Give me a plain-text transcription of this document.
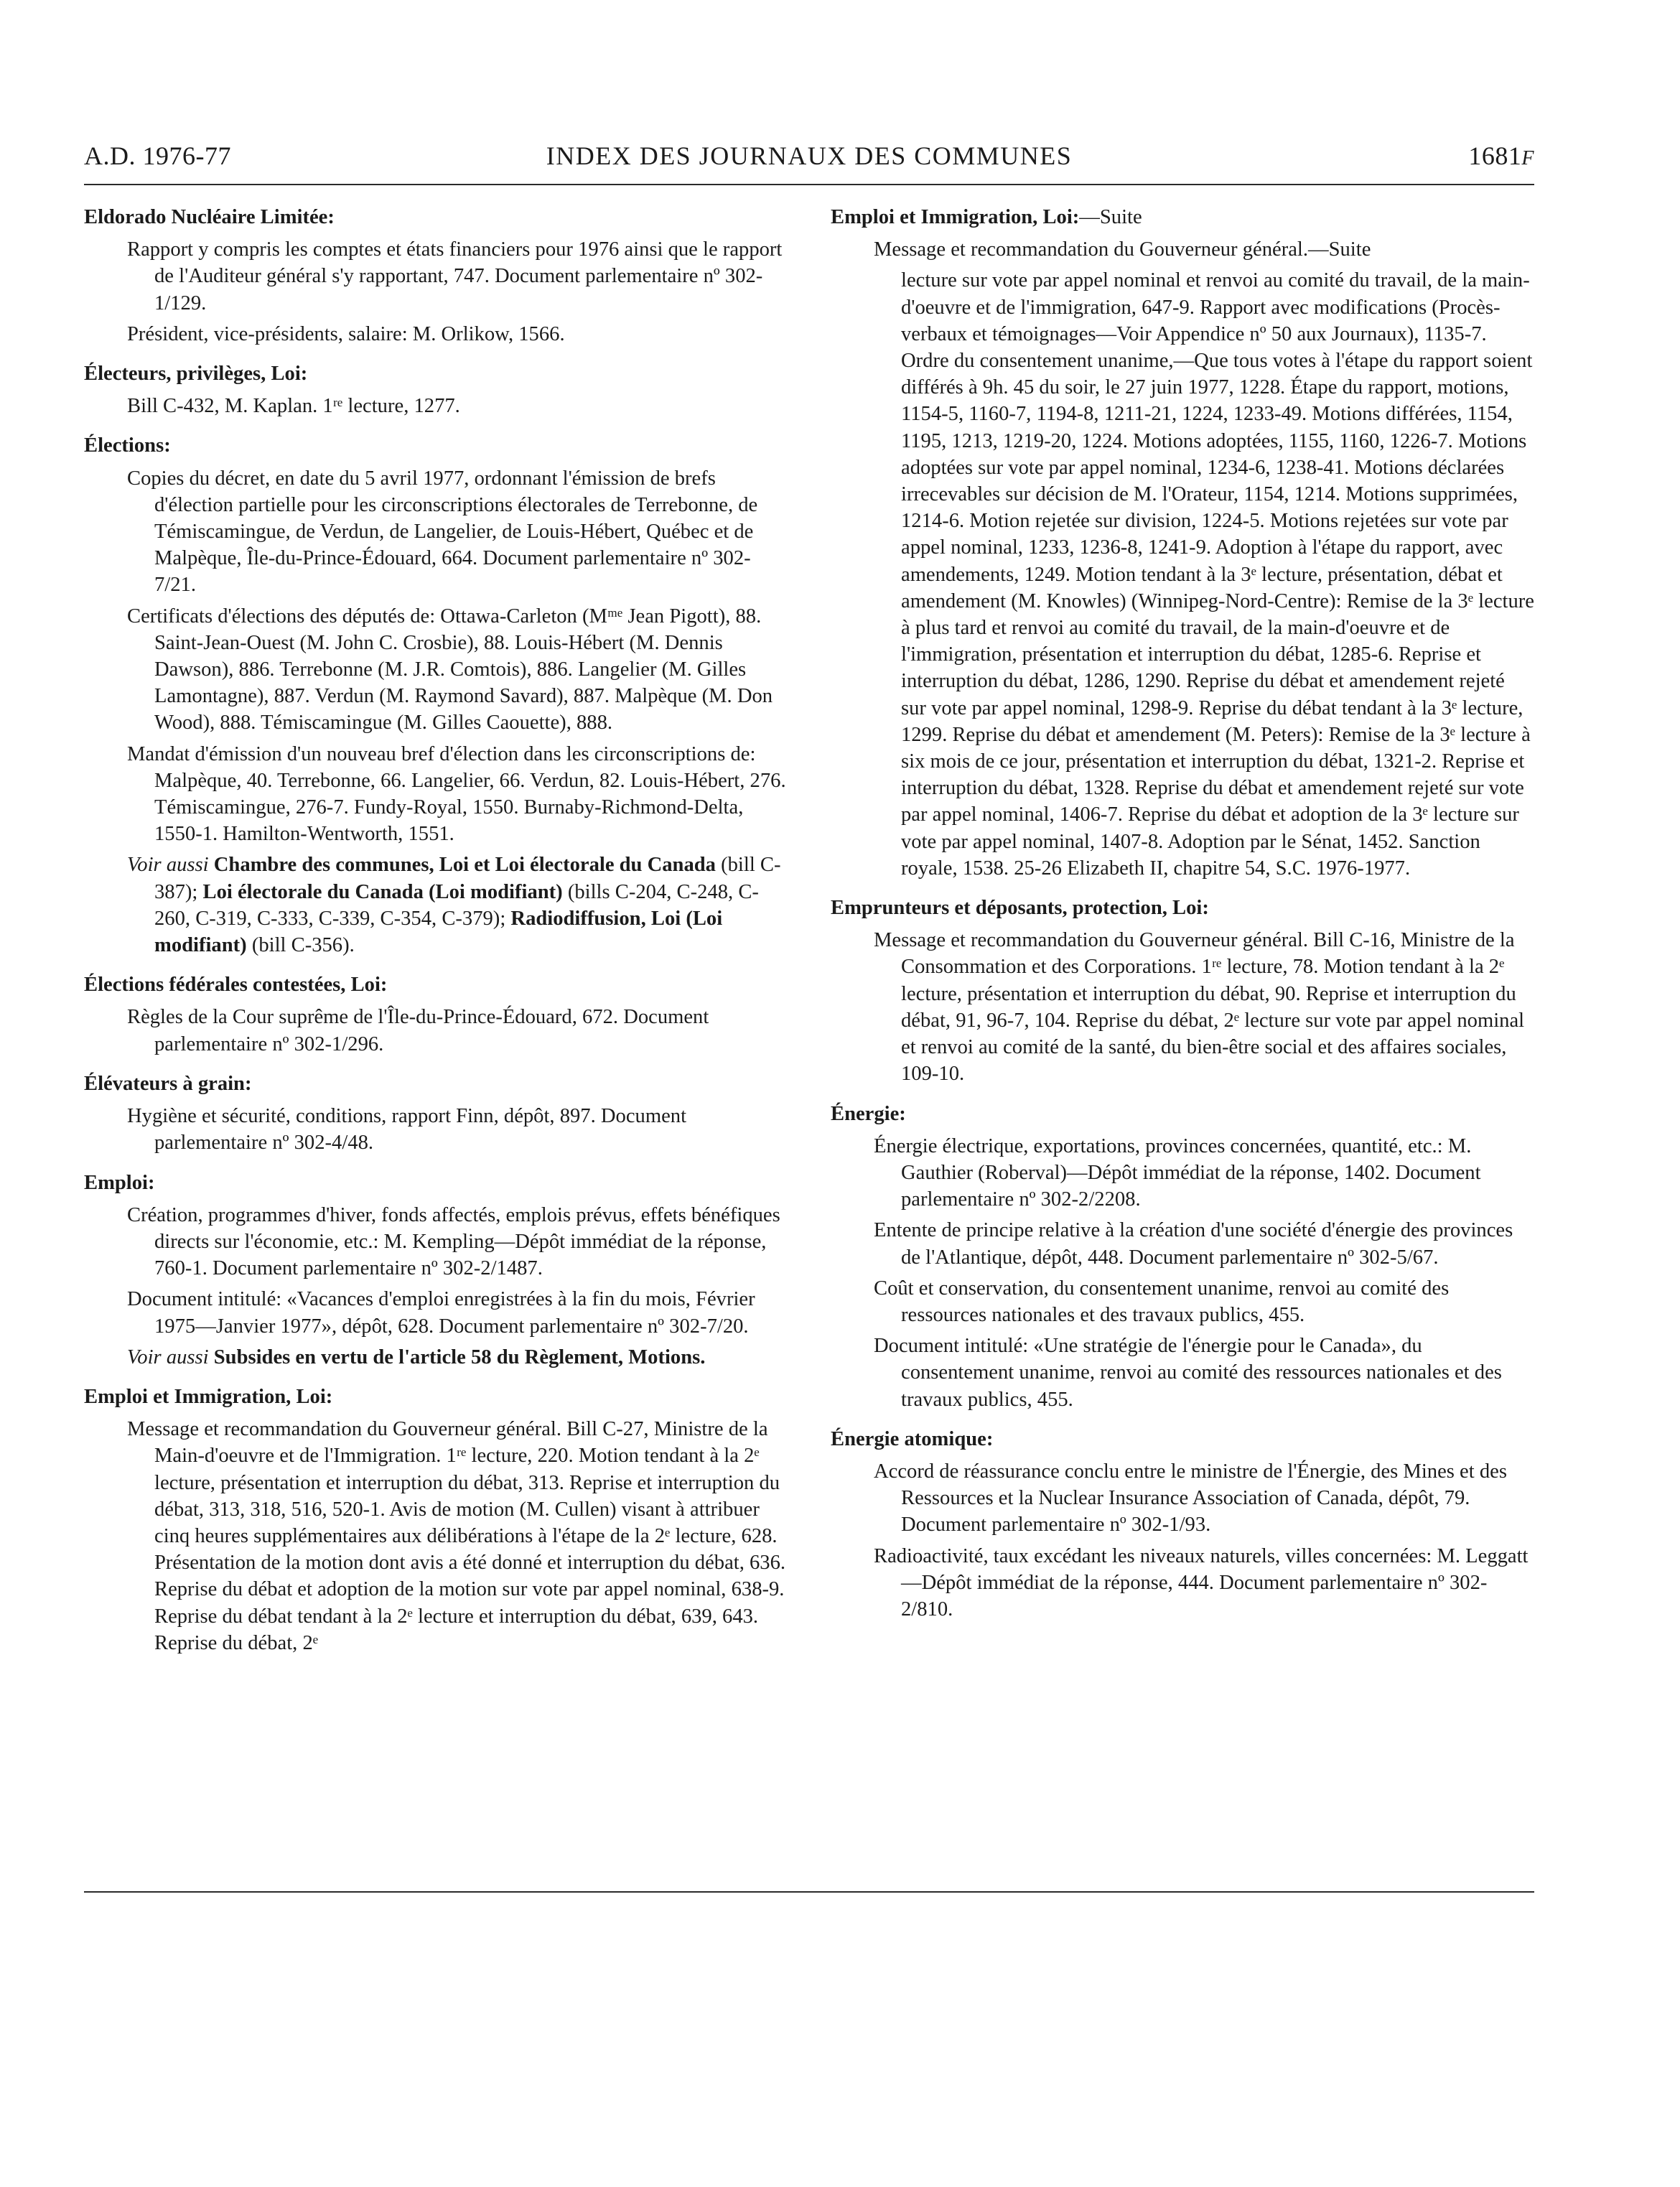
A.D. 1976-77	INDEX DES JOURNAUX DES COMMUNES	1681F
Eldorado Nucléaire Limitée:
Rapport y compris les comptes et états financiers pour 1976 ainsi que le rapport de l'Auditeur général s'y rapportant, 747. Document parlementaire nº 302-1/129.
Président, vice-présidents, salaire: M. Orlikow, 1566.
Électeurs, privilèges, Loi:
Bill C-432, M. Kaplan. 1ʳᵉ lecture, 1277.
Élections:
Copies du décret, en date du 5 avril 1977, ordonnant l'émission de brefs d'élection partielle pour les circonscriptions électorales de Terrebonne, de Témiscamingue, de Verdun, de Langelier, de Louis-Hébert, Québec et de Malpèque, Île-du-Prince-Édouard, 664. Document parlementaire nº 302-7/21.
Certificats d'élections des députés de: Ottawa-Carleton (Mᵐᵉ Jean Pigott), 88. Saint-Jean-Ouest (M. John C. Crosbie), 88. Louis-Hébert (M. Dennis Dawson), 886. Terrebonne (M. J.R. Comtois), 886. Langelier (M. Gilles Lamontagne), 887. Verdun (M. Raymond Savard), 887. Malpèque (M. Don Wood), 888. Témiscamingue (M. Gilles Caouette), 888.
Mandat d'émission d'un nouveau bref d'élection dans les circonscriptions de: Malpèque, 40. Terrebonne, 66. Langelier, 66. Verdun, 82. Louis-Hébert, 276. Témiscamingue, 276-7. Fundy-Royal, 1550. Burnaby-Richmond-Delta, 1550-1. Hamilton-Wentworth, 1551.
Voir aussi Chambre des communes, Loi et Loi électorale du Canada (bill C-387); Loi électorale du Canada (Loi modifiant) (bills C-204, C-248, C-260, C-319, C-333, C-339, C-354, C-379); Radiodiffusion, Loi (Loi modifiant) (bill C-356).
Élections fédérales contestées, Loi:
Règles de la Cour suprême de l'Île-du-Prince-Édouard, 672. Document parlementaire nº 302-1/296.
Élévateurs à grain:
Hygiène et sécurité, conditions, rapport Finn, dépôt, 897. Document parlementaire nº 302-4/48.
Emploi:
Création, programmes d'hiver, fonds affectés, emplois prévus, effets bénéfiques directs sur l'économie, etc.: M. Kempling—Dépôt immédiat de la réponse, 760-1. Document parlementaire nº 302-2/1487.
Document intitulé: «Vacances d'emploi enregistrées à la fin du mois, Février 1975—Janvier 1977», dépôt, 628. Document parlementaire nº 302-7/20.
Voir aussi Subsides en vertu de l'article 58 du Règlement, Motions.
Emploi et Immigration, Loi:
Message et recommandation du Gouverneur général. Bill C-27, Ministre de la Main-d'oeuvre et de l'Immigration. 1ʳᵉ lecture, 220. Motion tendant à la 2ᵉ lecture, présentation et interruption du débat, 313. Reprise et interruption du débat, 313, 318, 516, 520-1. Avis de motion (M. Cullen) visant à attribuer cinq heures supplémentaires aux délibérations à l'étape de la 2ᵉ lecture, 628. Présentation de la motion dont avis a été donné et interruption du débat, 636. Reprise du débat et adoption de la motion sur vote par appel nominal, 638-9. Reprise du débat tendant à la 2ᵉ lecture et interruption du débat, 639, 643. Reprise du débat, 2ᵉ
Emploi et Immigration, Loi:—Suite
Message et recommandation du Gouverneur général.—Suite
lecture sur vote par appel nominal et renvoi au comité du travail, de la main-d'oeuvre et de l'immigration, 647-9. Rapport avec modifications (Procès-verbaux et témoignages—Voir Appendice nº 50 aux Journaux), 1135-7. Ordre du consentement unanime,—Que tous votes à l'étape du rapport soient différés à 9h. 45 du soir, le 27 juin 1977, 1228. Étape du rapport, motions, 1154-5, 1160-7, 1194-8, 1211-21, 1224, 1233-49. Motions différées, 1154, 1195, 1213, 1219-20, 1224. Motions adoptées, 1155, 1160, 1226-7. Motions adoptées sur vote par appel nominal, 1234-6, 1238-41. Motions déclarées irrecevables sur décision de M. l'Orateur, 1154, 1214. Motions supprimées, 1214-6. Motion rejetée sur division, 1224-5. Motions rejetées sur vote par appel nominal, 1233, 1236-8, 1241-9. Adoption à l'étape du rapport, avec amendements, 1249. Motion tendant à la 3ᵉ lecture, présentation, débat et amendement (M. Knowles) (Winnipeg-Nord-Centre): Remise de la 3ᵉ lecture à plus tard et renvoi au comité du travail, de la main-d'oeuvre et de l'immigration, présentation et interruption du débat, 1285-6. Reprise et interruption du débat, 1286, 1290. Reprise du débat et amendement rejeté sur vote par appel nominal, 1298-9. Reprise du débat tendant à la 3ᵉ lecture, 1299. Reprise du débat et amendement (M. Peters): Remise de la 3ᵉ lecture à six mois de ce jour, présentation et interruption du débat, 1321-2. Reprise et interruption du débat, 1328. Reprise du débat et amendement rejeté sur vote par appel nominal, 1406-7. Reprise du débat et adoption de la 3ᵉ lecture sur vote par appel nominal, 1407-8. Adoption par le Sénat, 1452. Sanction royale, 1538. 25-26 Elizabeth II, chapitre 54, S.C. 1976-1977.
Emprunteurs et déposants, protection, Loi:
Message et recommandation du Gouverneur général. Bill C-16, Ministre de la Consommation et des Corporations. 1ʳᵉ lecture, 78. Motion tendant à la 2ᵉ lecture, présentation et interruption du débat, 90. Reprise et interruption du débat, 91, 96-7, 104. Reprise du débat, 2ᵉ lecture sur vote par appel nominal et renvoi au comité de la santé, du bien-être social et des affaires sociales, 109-10.
Énergie:
Énergie électrique, exportations, provinces concernées, quantité, etc.: M. Gauthier (Roberval)—Dépôt immédiat de la réponse, 1402. Document parlementaire nº 302-2/2208.
Entente de principe relative à la création d'une société d'énergie des provinces de l'Atlantique, dépôt, 448. Document parlementaire nº 302-5/67.
Coût et conservation, du consentement unanime, renvoi au comité des ressources nationales et des travaux publics, 455.
Document intitulé: «Une stratégie de l'énergie pour le Canada», du consentement unanime, renvoi au comité des ressources nationales et des travaux publics, 455.
Énergie atomique:
Accord de réassurance conclu entre le ministre de l'Énergie, des Mines et des Ressources et la Nuclear Insurance Association of Canada, dépôt, 79. Document parlementaire nº 302-1/93.
Radioactivité, taux excédant les niveaux naturels, villes concernées: M. Leggatt—Dépôt immédiat de la réponse, 444. Document parlementaire nº 302-2/810.
